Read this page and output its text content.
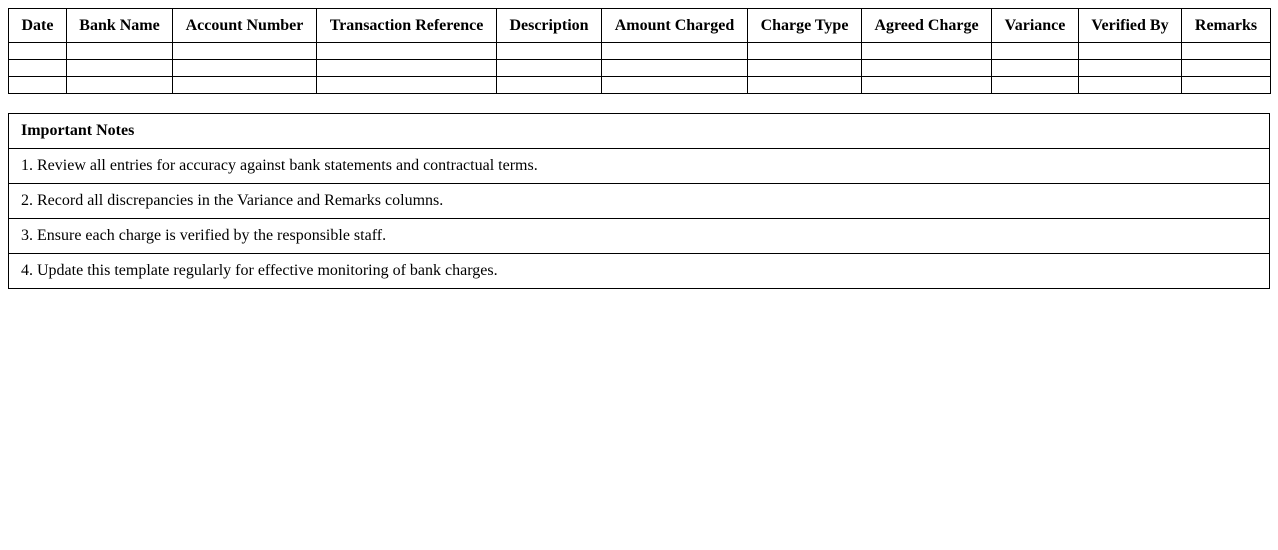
Date	Bank Name	Account Number	Transaction Reference	Description	Amount Charged	Charge Type	Agreed Charge	Variance	Verified By	Remarks

Important Notes
1. Review all entries for accuracy against bank statements and contractual terms.
2. Record all discrepancies in the Variance and Remarks columns.
3. Ensure each charge is verified by the responsible staff.
4. Update this template regularly for effective monitoring of bank charges.
